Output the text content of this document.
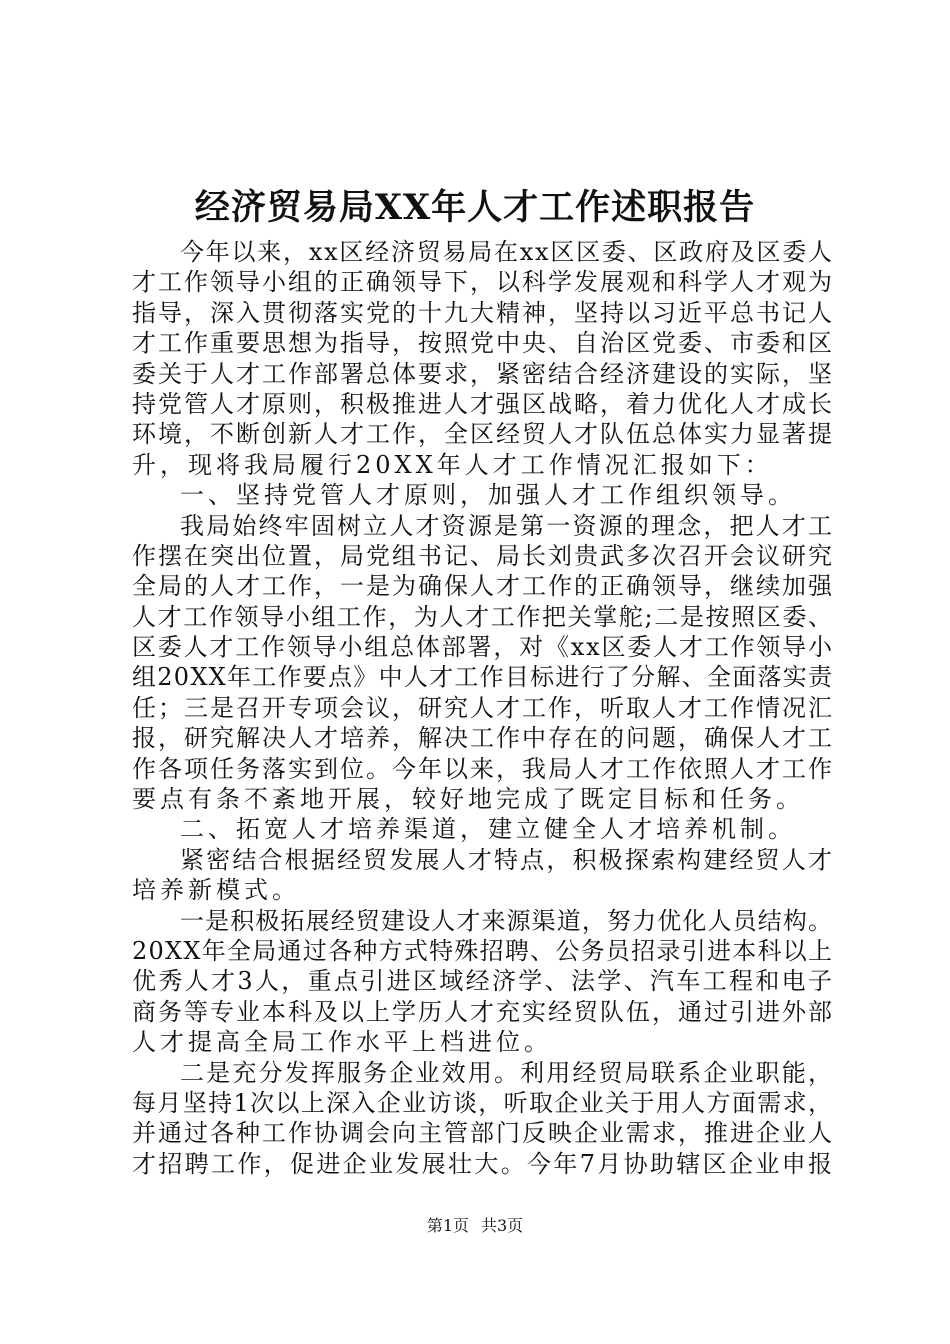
经济贸易局XX年人才工作述职报告
今年以来，xx区经济贸易局在xx区区委、区政府及区委人
才工作领导小组的正确领导下，以科学发展观和科学人才观为
指导，深入贯彻落实党的十九大精神，坚持以习近平总书记人
才工作重要思想为指导，按照党中央、自治区党委、市委和区
委关于人才工作部署总体要求，紧密结合经济建设的实际，坚
持党管人才原则，积极推进人才强区战略，着力优化人才成长
环境，不断创新人才工作，全区经贸人才队伍总体实力显著提
升，现将我局履行20XX年人才工作情况汇报如下：
一、坚持党管人才原则，加强人才工作组织领导。
我局始终牢固树立人才资源是第一资源的理念，把人才工
作摆在突出位置，局党组书记、局长刘贵武多次召开会议研究
全局的人才工作，一是为确保人才工作的正确领导，继续加强
人才工作领导小组工作，为人才工作把关掌舵;二是按照区委、
区委人才工作领导小组总体部署，对《xx区委人才工作领导小
组20XX年工作要点》中人才工作目标进行了分解、全面落实责
任；三是召开专项会议，研究人才工作，听取人才工作情况汇
报，研究解决人才培养，解决工作中存在的问题，确保人才工
作各项任务落实到位。今年以来，我局人才工作依照人才工作
要点有条不紊地开展，较好地完成了既定目标和任务。
二、拓宽人才培养渠道，建立健全人才培养机制。
紧密结合根据经贸发展人才特点，积极探索构建经贸人才
培养新模式。
一是积极拓展经贸建设人才来源渠道，努力优化人员结构。
20XX年全局通过各种方式特殊招聘、公务员招录引进本科以上
优秀人才3人，重点引进区域经济学、法学、汽车工程和电子
商务等专业本科及以上学历人才充实经贸队伍，通过引进外部
人才提高全局工作水平上档进位。
二是充分发挥服务企业效用。利用经贸局联系企业职能，
每月坚持1次以上深入企业访谈，听取企业关于用人方面需求，
并通过各种工作协调会向主管部门反映企业需求，推进企业人
才招聘工作，促进企业发展壮大。今年7月协助辖区企业申报
第1页 共3页
